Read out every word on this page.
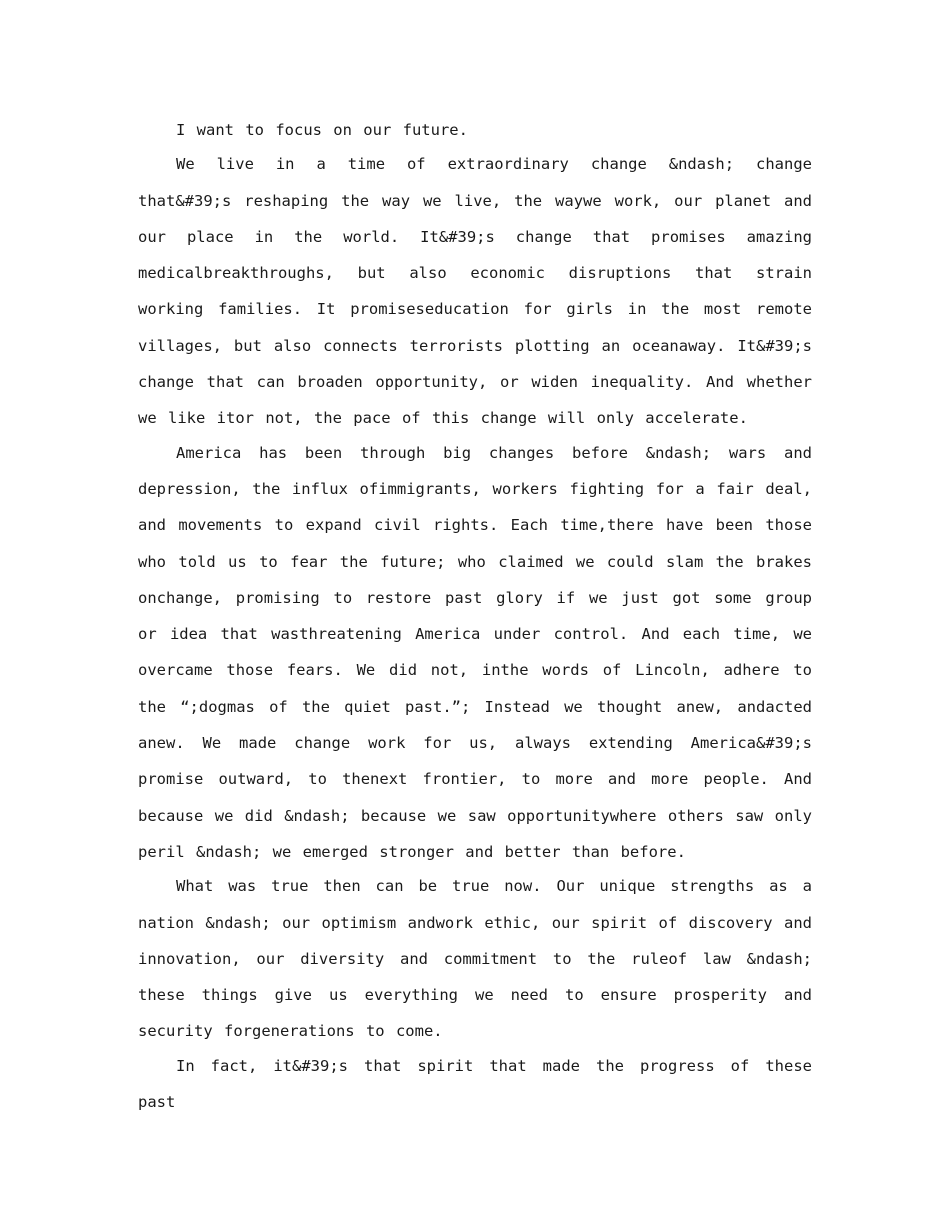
I want to focus on our future.

We live in a time of extraordinary change &ndash; change that&#39;s reshaping the way we live, the waywe work, our planet and our place in the world. It&#39;s change that promises amazing medicalbreakthroughs, but also economic disruptions that strain working families. It promiseseducation for girls in the most remote villages, but also connects terrorists plotting an oceanaway. It&#39;s change that can broaden opportunity, or widen inequality. And whether we like itor not, the pace of this change will only accelerate.

America has been through big changes before &ndash; wars and depression, the influx ofimmigrants, workers fighting for a fair deal, and movements to expand civil rights. Each time,there have been those who told us to fear the future; who claimed we could slam the brakes onchange, promising to restore past glory if we just got some group or idea that wasthreatening America under control. And each time, we overcame those fears. We did not, inthe words of Lincoln, adhere to the “;dogmas of the quiet past.”; Instead we thought anew, andacted anew. We made change work for us, always extending America&#39;s promise outward, to thenext frontier, to more and more people. And because we did &ndash; because we saw opportunitywhere others saw only peril &ndash; we emerged stronger and better than before.

What was true then can be true now. Our unique strengths as a nation &ndash; our optimism andwork ethic, our spirit of discovery and innovation, our diversity and commitment to the ruleof law &ndash; these things give us everything we need to ensure prosperity and security forgenerations to come.

In fact, it&#39;s that spirit that made the progress of these past
